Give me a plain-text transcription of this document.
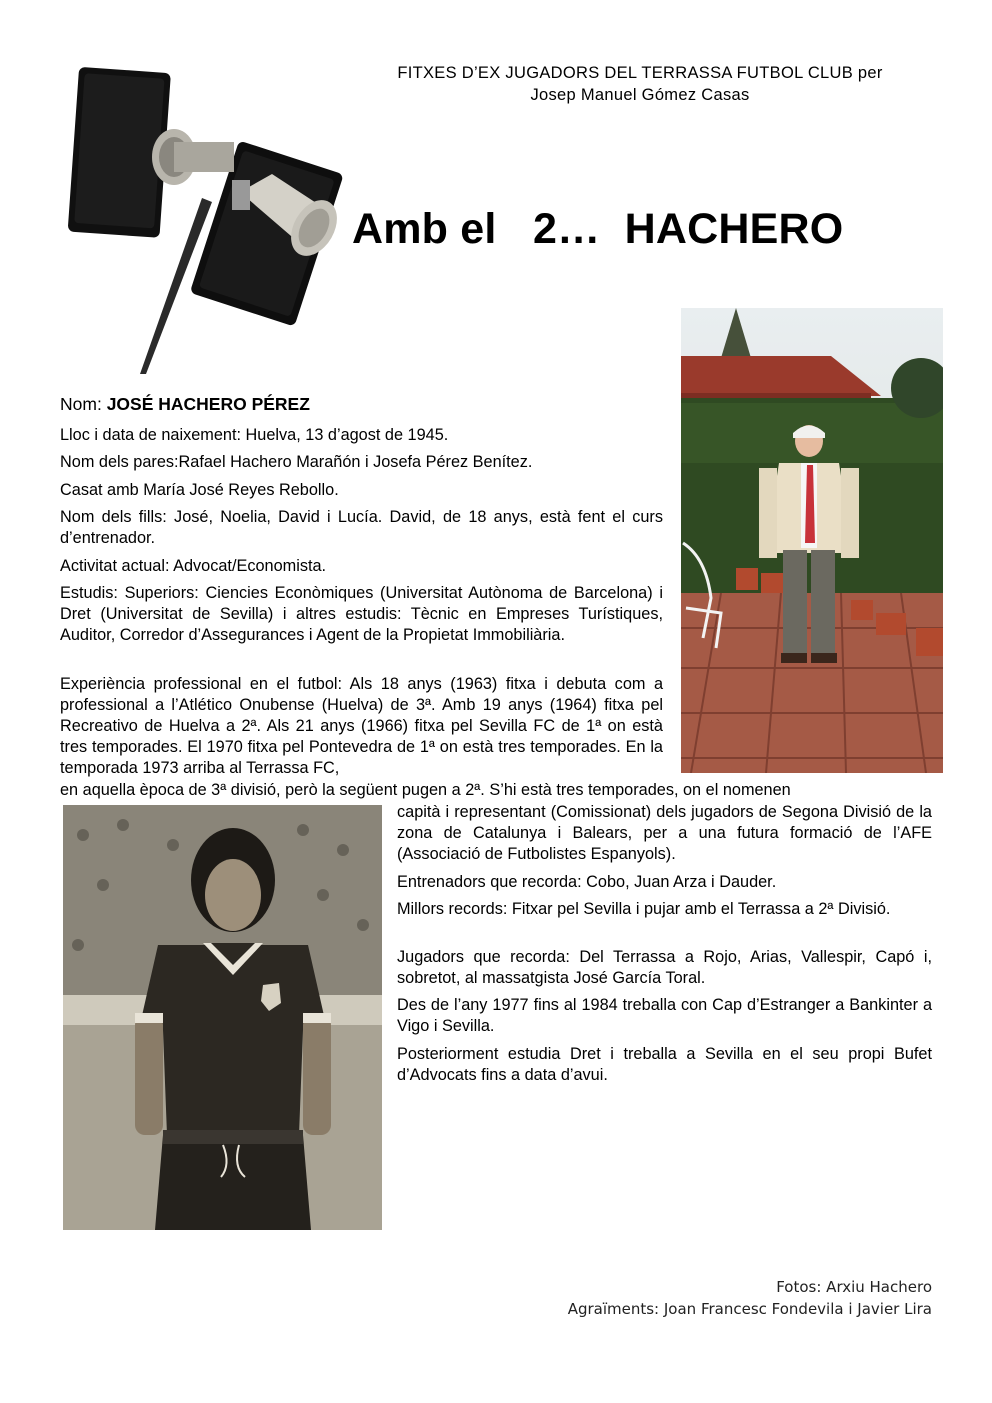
FITXES D’EX JUGADORS DEL TERRASSA FUTBOL CLUB per
Josep Manuel Gómez Casas
Amb el   2…  HACHERO
Nom: JOSÉ HACHERO PÉREZ

Lloc i data de naixement: Huelva, 13 d’agost de 1945.

Nom dels pares:Rafael Hachero Marañón i Josefa Pérez Benítez.

Casat amb María José Reyes Rebollo.

Nom dels fills: José, Noelia, David i Lucía. David, de 18 anys, està fent el curs d’entrenador.

Activitat actual: Advocat/Economista.

Estudis: Superiors: Ciencies Econòmiques (Universitat Autònoma de Barcelona) i Dret (Universitat de Sevilla) i altres estudis: Tècnic en Empreses Turístiques, Auditor, Corredor d’Assegurances i Agent de la Propietat Immobiliària.

Experiència professional en el futbol: Als 18 anys (1963) fitxa i debuta com a professional a l’Atlético Onubense (Huelva) de 3ª. Amb 19 anys (1964) fitxa pel Recreativo de Huelva a 2ª. Als 21 anys (1966) fitxa pel Sevilla FC de 1ª on està tres temporades. El 1970 fitxa pel Pontevedra de 1ª on està tres temporades. En la temporada 1973 arriba al Terrassa FC,

en aquella època de 3ª divisió, però la següent pugen a 2ª. S’hi està tres temporades, on el nomenen

capità i representant (Comissionat) dels jugadors de Segona Divisió de la zona de Catalunya i Balears, per a una futura formació de l’AFE (Associació de Futbolistes Espanyols).

Entrenadors que recorda: Cobo, Juan Arza i Dauder.

Millors records: Fitxar pel Sevilla i pujar amb el Terrassa a 2ª Divisió.

Jugadors que recorda: Del Terrassa a Rojo, Arias, Vallespir, Capó i, sobretot, al massatgista José García Toral.

Des de l’any 1977 fins al 1984 treballa con Cap d’Estranger a Bankinter a Vigo i Sevilla.

Posteriorment estudia Dret i treballa a Sevilla en el seu propi Bufet d’Advocats fins a data d’avui.

Fotos: Arxiu Hachero
Agraïments: Joan Francesc Fondevila i Javier Lira
